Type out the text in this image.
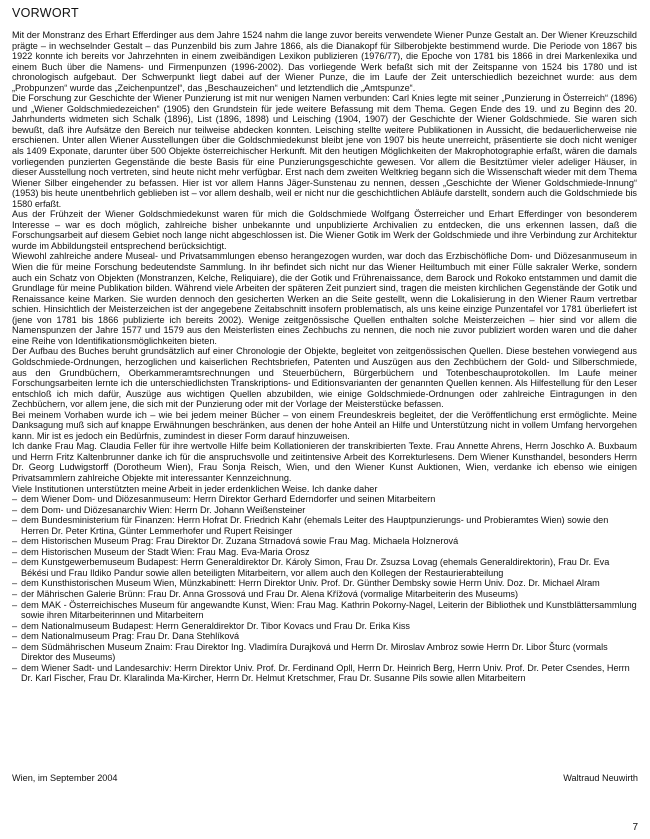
VORWORT

Mit der Monstranz des Erhart Efferdinger aus dem Jahre 1524 nahm die lange zuvor bereits verwendete Wiener Punze Gestalt an. Der Wiener Kreuzschild prägte – in wechselnder Gestalt – das Punzenbild bis zum Jahre 1866, als die Dianakopf für Silberobjekte bestimmend wurde. Die Periode von 1867 bis 1922 konnte ich bereits vor Jahrzehnten in einem zweibändigen Lexikon publizieren (1976/77), die Epoche von 1781 bis 1866 in drei Markenlexika und einem Buch über die Namens- und Firmenpunzen (1996-2002). Das vorliegende Werk befaßt sich mit der Zeitspanne von 1524 bis 1780 und ist chronologisch aufgebaut. Der Schwerpunkt liegt dabei auf der Wiener Punze, die im Laufe der Zeit unterschiedlich bezeichnet wurde: aus dem „Probpunzen“ wurde das „Zeichenpuntzel“, das „Beschauzeichen“ und letztendlich die „Amtspunze“.

Die Forschung zur Geschichte der Wiener Punzierung ist mit nur wenigen Namen verbunden: Carl Knies legte mit seiner „Punzierung in Österreich“ (1896) und „Wiener Goldschmiedezeichen“ (1905) den Grundstein für jede weitere Befassung mit dem Thema. Gegen Ende des 19. und zu Beginn des 20. Jahrhunderts widmeten sich Schalk (1896), List (1896, 1898) und Leisching (1904, 1907) der Geschichte der Wiener Goldschmiede. Sie waren sich bewußt, daß ihre Aufsätze den Bereich nur teilweise abdecken konnten. Leisching stellte weitere Publikationen in Aussicht, die bedauerlicherweise nie erschienen. Unter allen Wiener Ausstellungen über die Goldschmiedekunst bleibt jene von 1907 bis heute unerreicht, präsentierte sie doch nicht weniger als 1409 Exponate, darunter über 500 Objekte österreichischer Herkunft. Mit den heutigen Möglichkeiten der Makrophotographie erfaßt, wären die damals vorliegenden punzierten Gegenstände die beste Basis für eine Punzierungsgeschichte gewesen. Vor allem die Besitztümer vieler adeliger Häuser, in dieser Ausstellung noch vertreten, sind heute nicht mehr verfügbar. Erst nach dem zweiten Weltkrieg begann sich die Wissenschaft wieder mit dem Thema Wiener Silber eingehender zu befassen. Hier ist vor allem Hanns Jäger-Sunstenau zu nennen, dessen „Geschichte der Wiener Goldschmiede-Innung“ (1953) bis heute unentbehrlich geblieben ist – vor allem deshalb, weil er nicht nur die geschichtlichen Abläufe darstellt, sondern auch die Goldschmiede bis 1580 erfaßt.

Aus der Frühzeit der Wiener Goldschmiedekunst waren für mich die Goldschmiede Wolfgang Österreicher und Erhart Efferdinger von besonderem Interesse – war es doch möglich, zahlreiche bisher unbekannte und unpublizierte Archivalien zu entdecken, die uns erkennen lassen, daß die Forschungsarbeit auf diesem Gebiet noch lange nicht abgeschlossen ist. Die Wiener Gotik im Werk der Goldschmiede und ihre Verbindung zur Architektur wurde im Abbildungsteil entsprechend berücksichtigt.

Wiewohl zahlreiche andere Museal- und Privatsammlungen ebenso herangezogen wurden, war doch das Erzbischöfliche Dom- und Diözesanmuseum in Wien die für meine Forschung bedeutendste Sammlung. In ihr befindet sich nicht nur das Wiener Heiltumbuch mit einer Fülle sakraler Werke, sondern auch ein Schatz von Objekten (Monstranzen, Kelche, Reliquiare), die der Gotik und Frührenaissance, dem Barock und Rokoko entstammen und damit die Grundlage für meine Publikation bilden. Während viele Arbeiten der späteren Zeit punziert sind, tragen die meisten kirchlichen Gegenstände der Gotik und Renaissance keine Marken. Sie wurden dennoch den gesicherten Werken an die Seite gestellt, wenn die Lokalisierung in den Wiener Raum vertretbar schien. Hinsichtlich der Meisterzeichen ist der angegebene Zeitabschnitt insofern problematisch, als uns keine einzige Punzentafel vor 1781 überliefert ist (jene von 1781 bis 1866 publizierte ich bereits 2002). Wenige zeitgenössische Quellen enthalten solche Meisterzeichen – hier sind vor allem die Namenspunzen der Jahre 1577 und 1579 aus den Meisterlisten eines Zechbuchs zu nennen, die noch nie zuvor publiziert worden waren und die daher eine Reihe von Identifikationsmöglichkeiten bieten.

Der Aufbau des Buches beruht grundsätzlich auf einer Chronologie der Objekte, begleitet von zeitgenössischen Quellen. Diese bestehen vorwiegend aus Goldschmiede-Ordnungen, herzoglichen und kaiserlichen Rechtsbriefen, Patenten und Auszügen aus den Zechbüchern der Gold- und Silberschmiede, aus den Grundbüchern, Oberkammeramtsrechnungen und Steuerbüchern, Bürgerbüchern und Totenbeschauprotokollen. Im Laufe meiner Forschungsarbeiten lernte ich die unterschiedlichsten Transkriptions- und Editionsvarianten der genannten Quellen kennen. Als Hilfestellung für den Leser entschloß ich mich dafür, Auszüge aus wichtigen Quellen abzubilden, wie einige Goldschmiede-Ordnungen oder zahlreiche Eintragungen in den Zechbüchern, vor allem jene, die sich mit der Punzierung oder mit der Vorlage der Meisterstücke befassen.

Bei meinem Vorhaben wurde ich – wie bei jedem meiner Bücher – von einem Freundeskreis begleitet, der die Veröffentlichung erst ermöglichte. Meine Danksagung muß sich auf knappe Erwähnungen beschränken, aus denen der hohe Anteil an Hilfe und Unterstützung nicht in vollem Umfang hervorgehen kann. Mir ist es jedoch ein Bedürfnis, zumindest in dieser Form darauf hinzuweisen.

Ich danke Frau Mag. Claudia Feller für ihre wertvolle Hilfe beim Kollationieren der transkribierten Texte. Frau Annette Ahrens, Herrn Joschko A. Buxbaum und Herrn Fritz Kaltenbrunner danke ich für die anspruchsvolle und zeitintensive Arbeit des Korrekturlesens. Dem Wiener Kunsthandel, besonders Herrn Dr. Georg Ludwigstorff (Dorotheum Wien), Frau Sonja Reisch, Wien, und den Wiener Kunst Auktionen, Wien, verdanke ich ebenso wie einigen Privatsammlern zahlreiche Objekte mit interessanter Kennzeichnung.

Viele Institutionen unterstützten meine Arbeit in jeder erdenklichen Weise. Ich danke daher

– dem Wiener Dom- und Diözesanmuseum: Herrn Direktor Gerhard Ederndorfer und seinen Mitarbeitern
– dem Dom- und Diözesanarchiv Wien: Herrn Dr. Johann Weißensteiner
– dem Bundesministerium für Finanzen: Herrn Hofrat Dr. Friedrich Kahr (ehemals Leiter des Hauptpunzierungs- und Probieramtes Wien) sowie den Herren Dr. Peter Krtina, Günter Lemmerhofer und Rupert Reisinger
– dem Historischen Museum Prag: Frau Direktor Dr. Zuzana Strnadová sowie Frau Mag. Michaela Holznerová
– dem Historischen Museum der Stadt Wien: Frau Mag. Eva-Maria Orosz
– dem Kunstgewerbemuseum Budapest: Herrn Generaldirektor Dr. Károly Simon, Frau Dr. Zsuzsa Lovag (ehemals Generaldirektorin), Frau Dr. Eva Békési und Frau Ildiko Pandur sowie allen beteiligten Mitarbeitern, vor allem auch den Kollegen der Restaurierabteilung
– dem Kunsthistorischen Museum Wien, Münzkabinett: Herrn Direktor Univ. Prof. Dr. Günther Dembsky sowie Herrn Univ. Doz. Dr. Michael Alram
– der Mährischen Galerie Brünn: Frau Dr. Anna Grossová und Frau Dr. Alena Křížová (vormalige Mitarbeiterin des Museums)
– dem MAK - Österreichisches Museum für angewandte Kunst, Wien: Frau Mag. Kathrin Pokorny-Nagel, Leiterin der Bibliothek und Kunstblättersammlung sowie ihren Mitarbeiterinnen und Mitarbeitern
– dem Nationalmuseum Budapest: Herrn Generaldirektor Dr. Tibor Kovacs und Frau Dr. Erika Kiss
– dem Nationalmuseum Prag: Frau Dr. Dana Stehlíková
– dem Südmährischen Museum Znaim: Frau Direktor Ing. Vladimíra Durajková und Herrn Dr. Miroslav Ambroz sowie Herrn Dr. Libor Šturc (vormals Direktor des Museums)
– dem Wiener Sadt- und Landesarchiv: Herrn Direktor Univ. Prof. Dr. Ferdinand Opll, Herrn Dr. Heinrich Berg, Herrn Univ. Prof. Dr. Peter Csendes, Herrn Dr. Karl Fischer, Frau Dr. Klaralinda Ma-Kircher, Herrn Dr. Helmut Kretschmer, Frau Dr. Susanne Pils sowie allen Mitarbeitern
Wien, im September 2004	Waltraud Neuwirth
7
